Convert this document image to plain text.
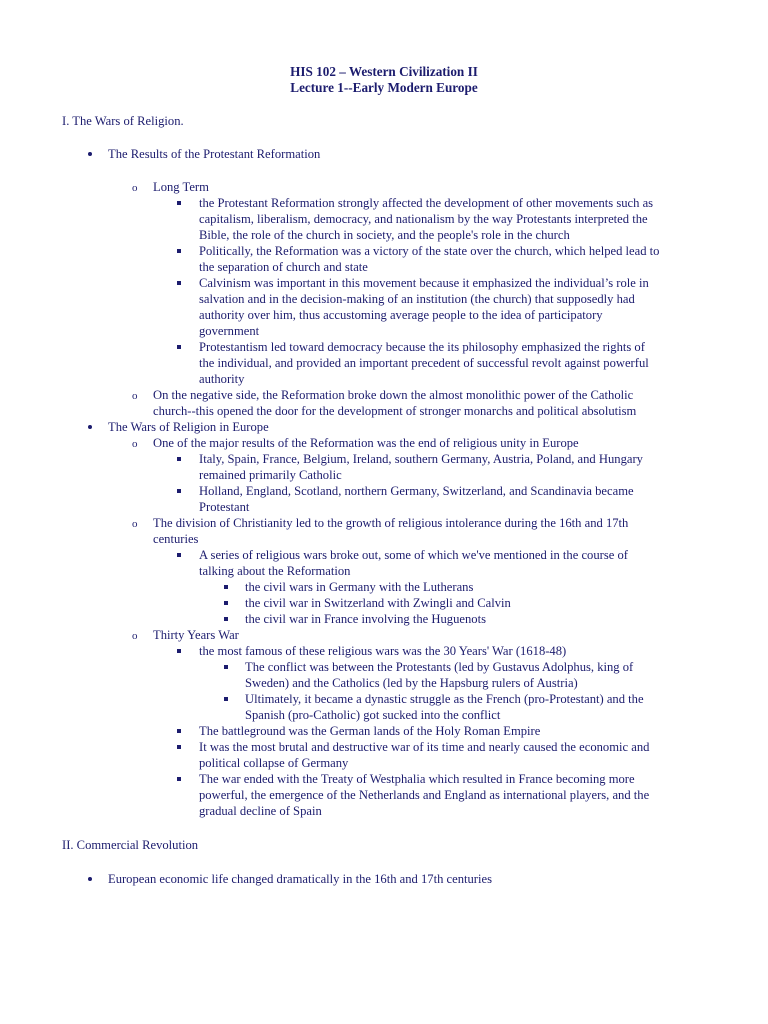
HIS 102 – Western Civilization II
Lecture 1--Early Modern Europe
I. The Wars of Religion.
The Results of the Protestant Reformation
o Long Term
the Protestant Reformation strongly affected the development of other movements such as
capitalism, liberalism, democracy, and nationalism by the way Protestants interpreted the
Bible, the role of the church in society, and the people's role in the church
Politically, the Reformation was a victory of the state over the church, which helped lead to
the separation of church and state
Calvinism was important in this movement because it emphasized the individual’s role in
salvation and in the decision-making of an institution (the church) that supposedly had
authority over him, thus accustoming average people to the idea of participatory
government
Protestantism led toward democracy because the its philosophy emphasized the rights of
the individual, and provided an important precedent of successful revolt against powerful
authority
o On the negative side, the Reformation broke down the almost monolithic power of the Catholic
church--this opened the door for the development of stronger monarchs and political absolutism
The Wars of Religion in Europe
o One of the major results of the Reformation was the end of religious unity in Europe
Italy, Spain, France, Belgium, Ireland, southern Germany, Austria, Poland, and Hungary
remained primarily Catholic
Holland, England, Scotland, northern Germany, Switzerland, and Scandinavia became
Protestant
o The division of Christianity led to the growth of religious intolerance during the 16th and 17th
centuries
A series of religious wars broke out, some of which we've mentioned in the course of
talking about the Reformation
the civil wars in Germany with the Lutherans
the civil war in Switzerland with Zwingli and Calvin
the civil war in France involving the Huguenots
o Thirty Years War
the most famous of these religious wars was the 30 Years' War (1618-48)
The conflict was between the Protestants (led by Gustavus Adolphus, king of
Sweden) and the Catholics (led by the Hapsburg rulers of Austria)
Ultimately, it became a dynastic struggle as the French (pro-Protestant) and the
Spanish (pro-Catholic) got sucked into the conflict
The battleground was the German lands of the Holy Roman Empire
It was the most brutal and destructive war of its time and nearly caused the economic and
political collapse of Germany
The war ended with the Treaty of Westphalia which resulted in France becoming more
powerful, the emergence of the Netherlands and England as international players, and the
gradual decline of Spain
II. Commercial Revolution
European economic life changed dramatically in the 16th and 17th centuries
